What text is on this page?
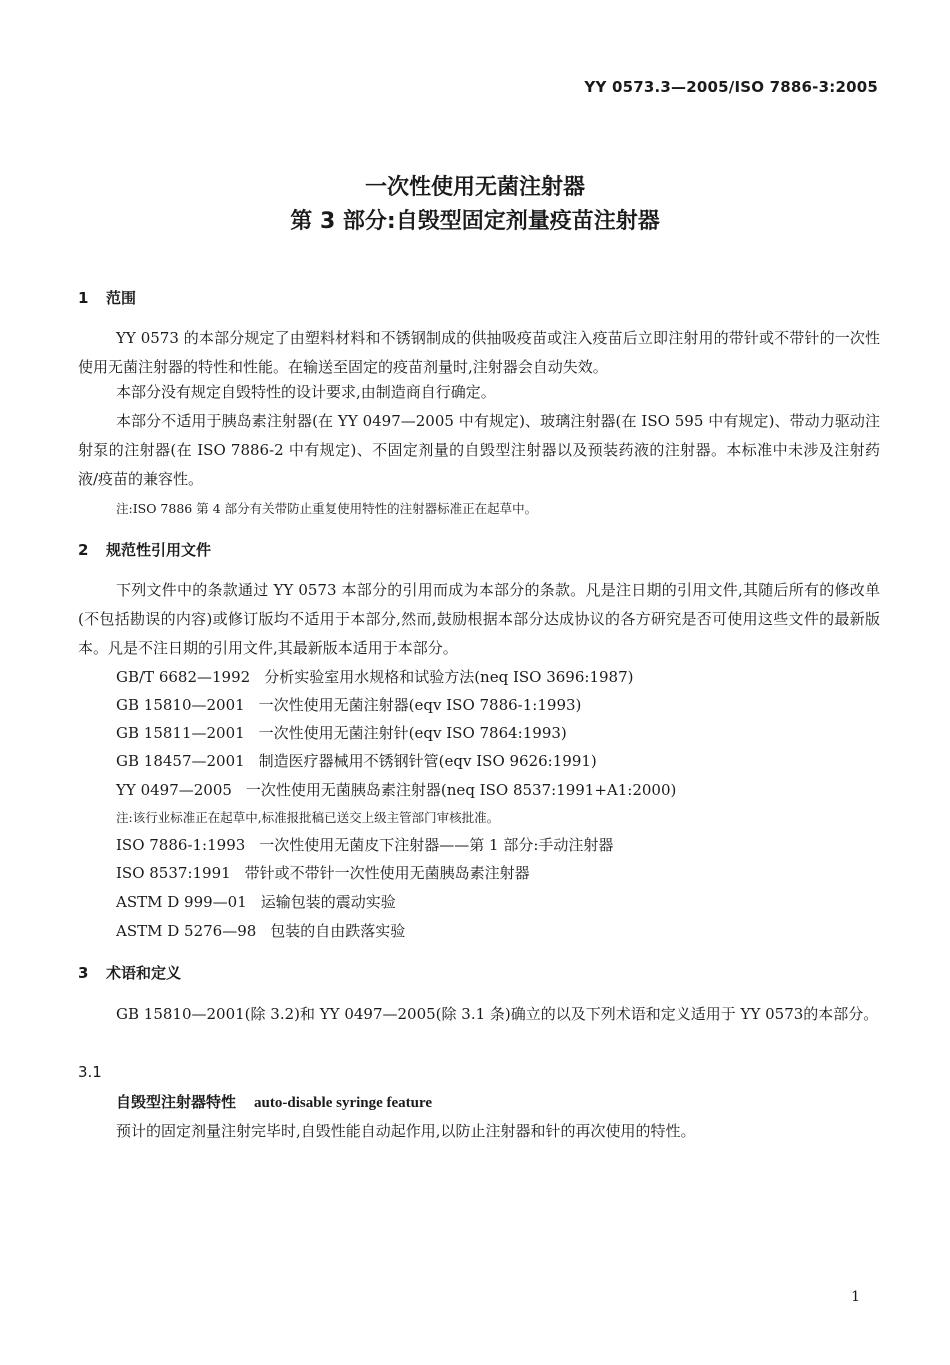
YY 0573.3—2005/ISO 7886-3:2005
一次性使用无菌注射器
第 3 部分:自毁型固定剂量疫苗注射器
1 范围
YY 0573 的本部分规定了由塑料材料和不锈钢制成的供抽吸疫苗或注入疫苗后立即注射用的带针或不带针的一次性使用无菌注射器的特性和性能。在输送至固定的疫苗剂量时,注射器会自动失效。
本部分没有规定自毁特性的设计要求,由制造商自行确定。
本部分不适用于胰岛素注射器(在 YY 0497—2005 中有规定)、玻璃注射器(在 ISO 595 中有规定)、带动力驱动注射泵的注射器(在 ISO 7886-2 中有规定)、不固定剂量的自毁型注射器以及预装药液的注射器。本标准中未涉及注射药液/疫苗的兼容性。
注:ISO 7886 第 4 部分有关带防止重复使用特性的注射器标准正在起草中。
2 规范性引用文件
下列文件中的条款通过 YY 0573 本部分的引用而成为本部分的条款。凡是注日期的引用文件,其随后所有的修改单(不包括勘误的内容)或修订版均不适用于本部分,然而,鼓励根据本部分达成协议的各方研究是否可使用这些文件的最新版本。凡是不注日期的引用文件,其最新版本适用于本部分。
GB/T 6682—1992 分析实验室用水规格和试验方法(neq ISO 3696:1987)
GB 15810—2001 一次性使用无菌注射器(eqv ISO 7886-1:1993)
GB 15811—2001 一次性使用无菌注射针(eqv ISO 7864:1993)
GB 18457—2001 制造医疗器械用不锈钢针管(eqv ISO 9626:1991)
YY 0497—2005 一次性使用无菌胰岛素注射器(neq ISO 8537:1991+A1:2000)
注:该行业标准正在起草中,标准报批稿已送交上级主管部门审核批准。
ISO 7886-1:1993 一次性使用无菌皮下注射器——第 1 部分:手动注射器
ISO 8537:1991 带针或不带针一次性使用无菌胰岛素注射器
ASTM D 999—01 运输包装的震动实验
ASTM D 5276—98 包装的自由跌落实验
3 术语和定义
GB 15810—2001(除 3.2)和 YY 0497—2005(除 3.1 条)确立的以及下列术语和定义适用于 YY 0573的本部分。
3.1
自毁型注射器特性 auto-disable syringe feature
预计的固定剂量注射完毕时,自毁性能自动起作用,以防止注射器和针的再次使用的特性。
1
